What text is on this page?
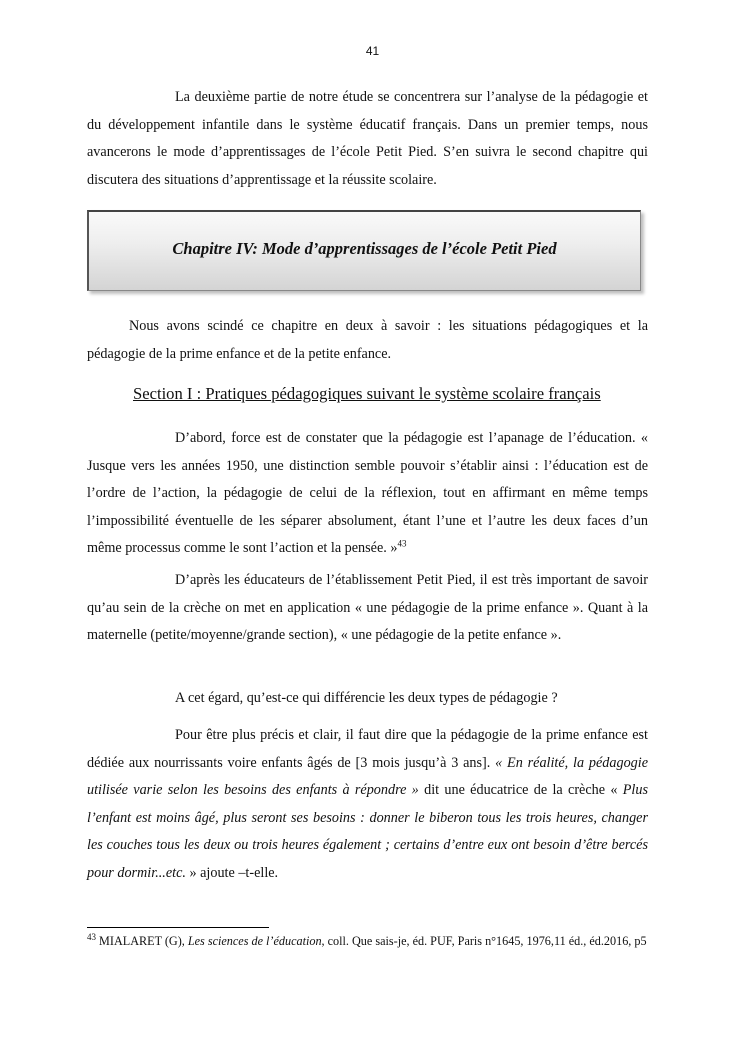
41

La deuxième partie de notre étude se concentrera sur l’analyse de la pédagogie et du développement infantile dans le système éducatif français. Dans un premier temps, nous avancerons le mode d’apprentissages de l’école Petit Pied. S’en suivra le second chapitre qui discutera des situations d’apprentissage et la réussite scolaire.

Chapitre IV: Mode d’apprentissages de l’école Petit Pied

Nous avons scindé ce chapitre en deux à savoir : les situations pédagogiques et la pédagogie de la prime enfance et de la petite enfance.

Section I : Pratiques pédagogiques suivant le système scolaire français

D’abord, force est de constater que la pédagogie est l’apanage de l’éducation. « Jusque vers les années 1950, une distinction semble pouvoir s’établir ainsi : l’éducation est de l’ordre de l’action, la pédagogie de celui de la réflexion, tout en affirmant en même temps l’impossibilité éventuelle de les séparer absolument, étant l’une et l’autre les deux faces d’un même processus comme le sont l’action et la pensée. »$^{43}$

D’après les éducateurs de l’établissement Petit Pied, il est très important de savoir qu’au sein de la crèche on met en application « une pédagogie de la prime enfance ». Quant à la maternelle (petite/moyenne/grande section), « une pédagogie de la petite enfance ».

A cet égard, qu’est-ce qui différencie les deux types de pédagogie ?

Pour être plus précis et clair, il faut dire que la pédagogie de la prime enfance est dédiée aux nourrissants voire enfants âgés de [3 mois jusqu’à 3 ans]. « En réalité, la pédagogie utilisée varie selon les besoins des enfants à répondre » dit une éducatrice de la crèche « Plus l’enfant est moins âgé, plus seront ses besoins : donner le biberon tous les trois heures, changer les couches tous les deux ou trois heures également ; certains d’entre eux ont besoin d’être bercés pour dormir...etc. » ajoute –t-elle.

$^{43}$ MIALARET (G), Les sciences de l’éducation, coll. Que sais-je, éd. PUF, Paris n°1645, 1976,11 éd., éd.2016, p5
